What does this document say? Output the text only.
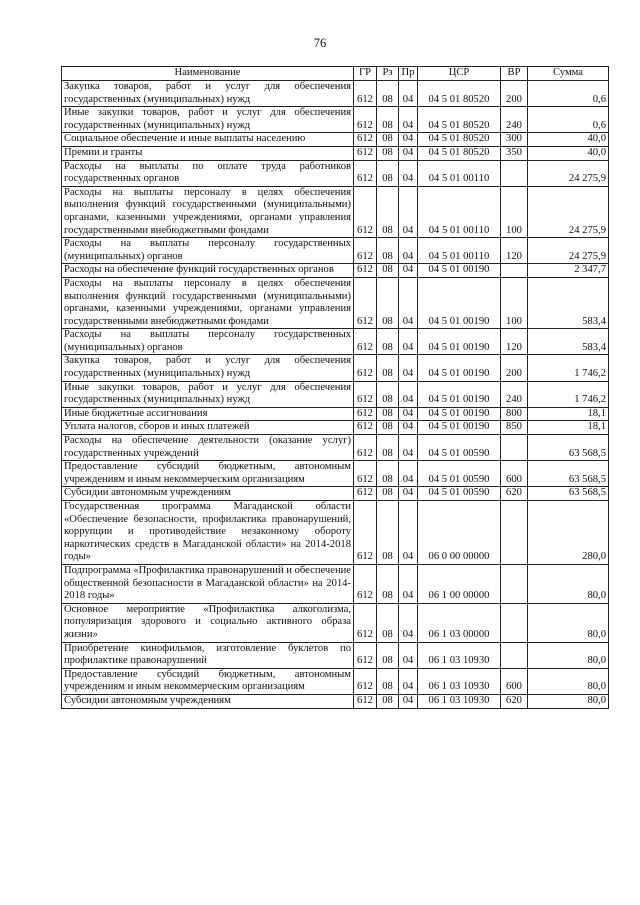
76
Наименование	ГР	Рз	Пр	ЦСР	ВР	Сумма
Закупка товаров, работ и услуг для обеспечения государственных (муниципальных) нужд	612	08	04	04 5 01 80520	200	0,6
Иные закупки товаров, работ и услуг для обеспечения государственных (муниципальных) нужд	612	08	04	04 5 01 80520	240	0,6
Социальное обеспечение и иные выплаты населению	612	08	04	04 5 01 80520	300	40,0
Премии и гранты	612	08	04	04 5 01 80520	350	40,0
Расходы на выплаты по оплате труда работников государственных органов	612	08	04	04 5 01 00110		24 275,9
Расходы на выплаты персоналу в целях обеспечения выполнения функций государственными (муниципальными) органами, казенными учреждениями, органами управления государственными внебюджетными фондами	612	08	04	04 5 01 00110	100	24 275,9
Расходы на выплаты персоналу государственных (муниципальных) органов	612	08	04	04 5 01 00110	120	24 275,9
Расходы на обеспечение функций государственных органов	612	08	04	04 5 01 00190		2 347,7
Расходы на выплаты персоналу в целях обеспечения выполнения функций государственными (муниципальными) органами, казенными учреждениями, органами управления государственными внебюджетными фондами	612	08	04	04 5 01 00190	100	583,4
Расходы на выплаты персоналу государственных (муниципальных) органов	612	08	04	04 5 01 00190	120	583,4
Закупка товаров, работ и услуг для обеспечения государственных (муниципальных) нужд	612	08	04	04 5 01 00190	200	1 746,2
Иные закупки товаров, работ и услуг для обеспечения государственных (муниципальных) нужд	612	08	04	04 5 01 00190	240	1 746,2
Иные бюджетные ассигнования	612	08	04	04 5 01 00190	800	18,1
Уплата налогов, сборов и иных платежей	612	08	04	04 5 01 00190	850	18,1
Расходы на обеспечение деятельности (оказание услуг) государственных учреждений	612	08	04	04 5 01 00590		63 568,5
Предоставление субсидий бюджетным, автономным учреждениям и иным некоммерческим организациям	612	08	04	04 5 01 00590	600	63 568,5
Субсидии автономным учреждениям	612	08	04	04 5 01 00590	620	63 568,5
Государственная программа Магаданской области «Обеспечение безопасности, профилактика правонарушений, коррупции и противодействие незаконному обороту наркотических средств в Магаданской области» на 2014-2018 годы»	612	08	04	06 0 00 00000		280,0
Подпрограмма «Профилактика правонарушений и обеспечение общественной безопасности в Магаданской области» на 2014-2018 годы»	612	08	04	06 1 00 00000		80,0
Основное мероприятие «Профилактика алкоголизма, популяризация здорового и социально активного образа жизни»	612	08	04	06 1 03 00000		80,0
Приобретение кинофильмов, изготовление буклетов по профилактике правонарушений	612	08	04	06 1 03 10930		80,0
Предоставление субсидий бюджетным, автономным учреждениям и иным некоммерческим организациям	612	08	04	06 1 03 10930	600	80,0
Субсидии автономным учреждениям	612	08	04	06 1 03 10930	620	80,0
